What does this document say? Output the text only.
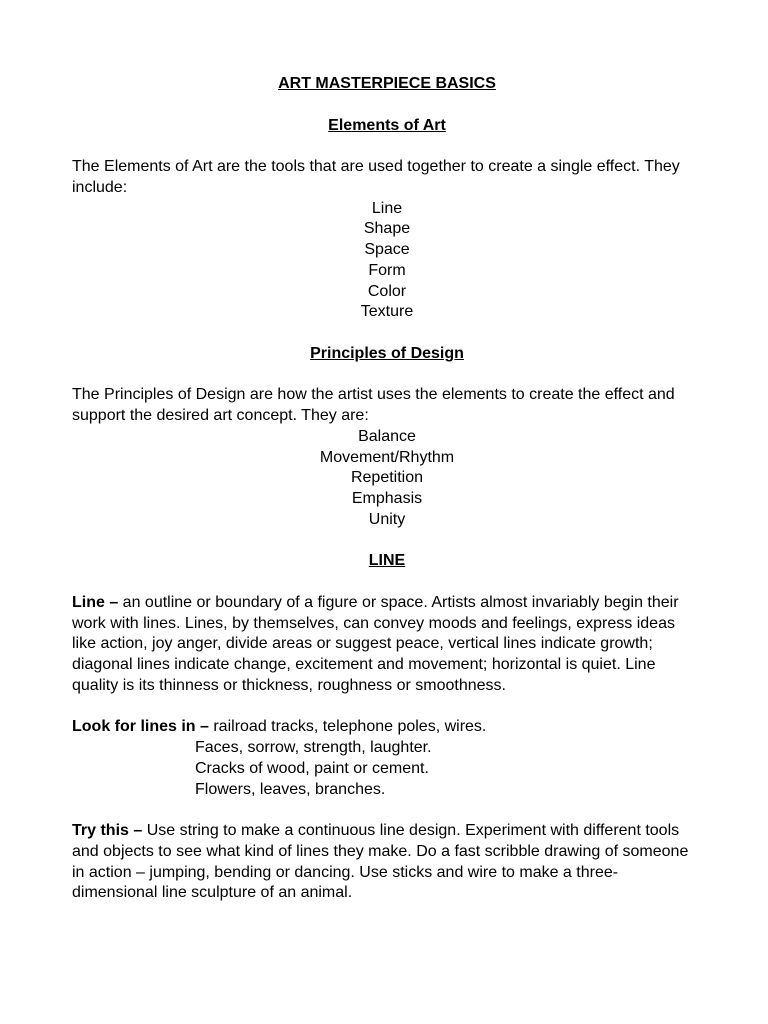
ART MASTERPIECE BASICS

Elements of Art

The Elements of Art are the tools that are used together to create a single effect. They include:

Line
Shape
Space
Form
Color
Texture

Principles of Design

The Principles of Design are how the artist uses the elements to create the effect and support the desired art concept. They are:

Balance
Movement/Rhythm
Repetition
Emphasis
Unity

LINE

Line – an outline or boundary of a figure or space. Artists almost invariably begin their work with lines. Lines, by themselves, can convey moods and feelings, express ideas like action, joy anger, divide areas or suggest peace, vertical lines indicate growth; diagonal lines indicate change, excitement and movement; horizontal is quiet. Line quality is its thinness or thickness, roughness or smoothness.

Look for lines in – railroad tracks, telephone poles, wires.

Faces, sorrow, strength, laughter.
Cracks of wood, paint or cement.
Flowers, leaves, branches.

Try this – Use string to make a continuous line design. Experiment with different tools and objects to see what kind of lines they make. Do a fast scribble drawing of someone in action – jumping, bending or dancing. Use sticks and wire to make a three-dimensional line sculpture of an animal.
